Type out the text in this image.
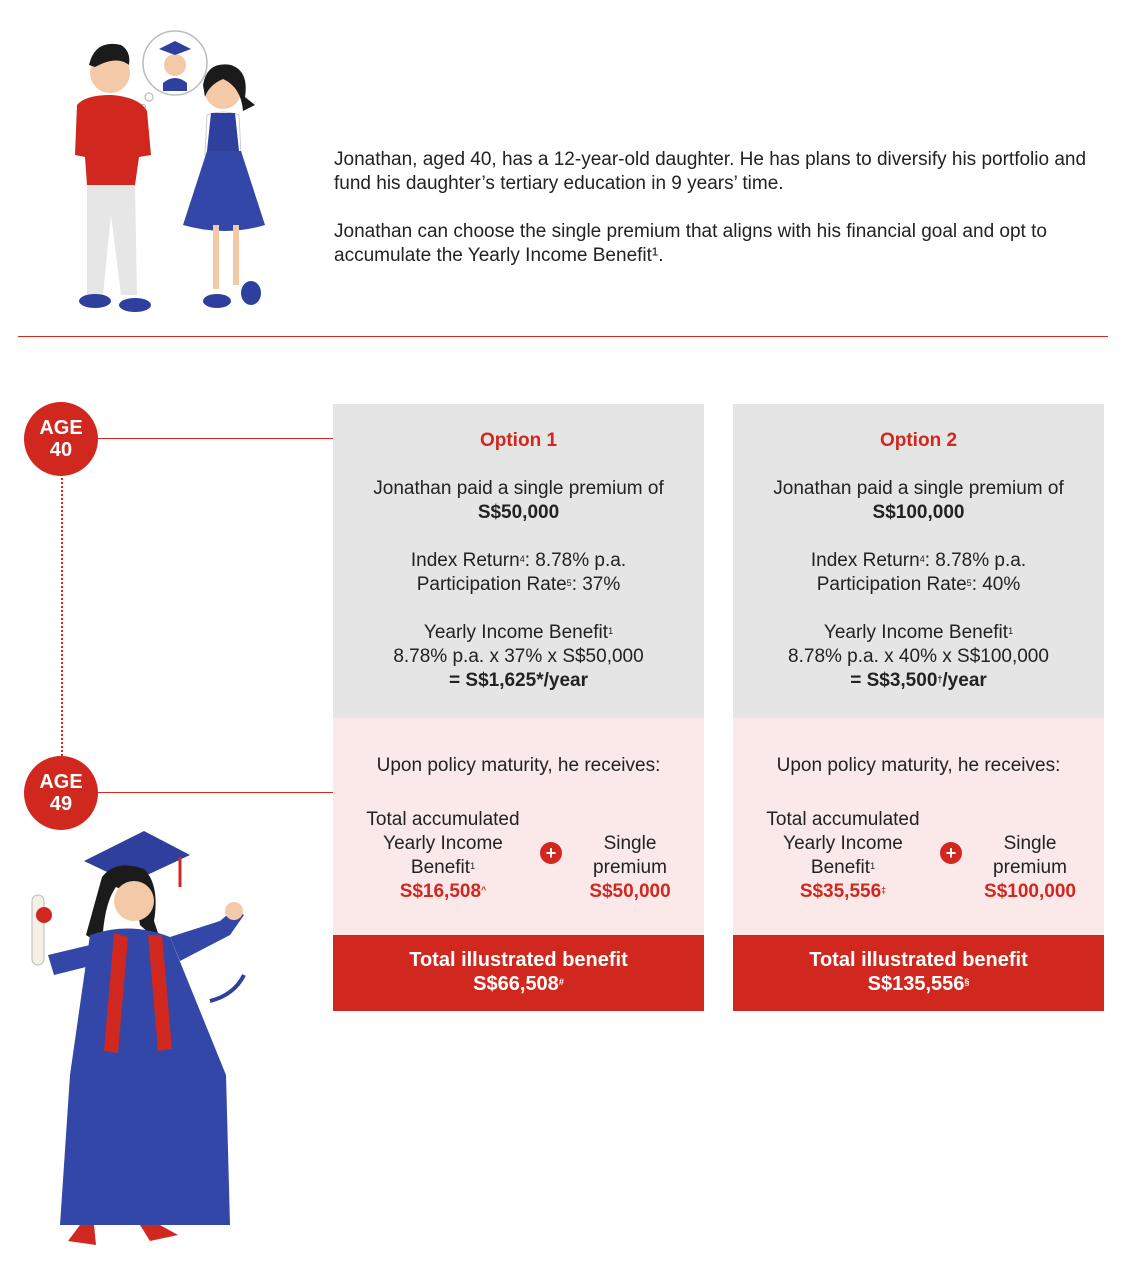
Jonathan, aged 40, has a 12-year-old daughter. He has plans to diversify his portfolio and fund his daughter’s tertiary education in 9 years’ time.

Jonathan can choose the single premium that aligns with his financial goal and opt to accumulate the Yearly Income Benefit¹.

AGE
40
AGE
49
Option 1
Jonathan paid a single premium of
S$50,000
Index Return$^4$: 8.78% p.a.
Participation Rate$^5$: 37%
Yearly Income Benefit$^1$
8.78% p.a. x 37% x S$50,000
= S$1,625*/year
Upon policy maturity, he receives:
Total accumulated
Yearly Income
Benefit$^1$
S$16,508^
+	Single
premium
S$50,000
Total illustrated benefit
S$66,508#
Option 2
Jonathan paid a single premium of
S$100,000
Index Return$^4$: 8.78% p.a.
Participation Rate$^5$: 40%
Yearly Income Benefit$^1$
8.78% p.a. x 40% x S$100,000
= S$3,500†/year
Upon policy maturity, he receives:
Total accumulated
Yearly Income
Benefit$^1$
S$35,556‡
+	Single
premium
S$100,000
Total illustrated benefit
S$135,556§
